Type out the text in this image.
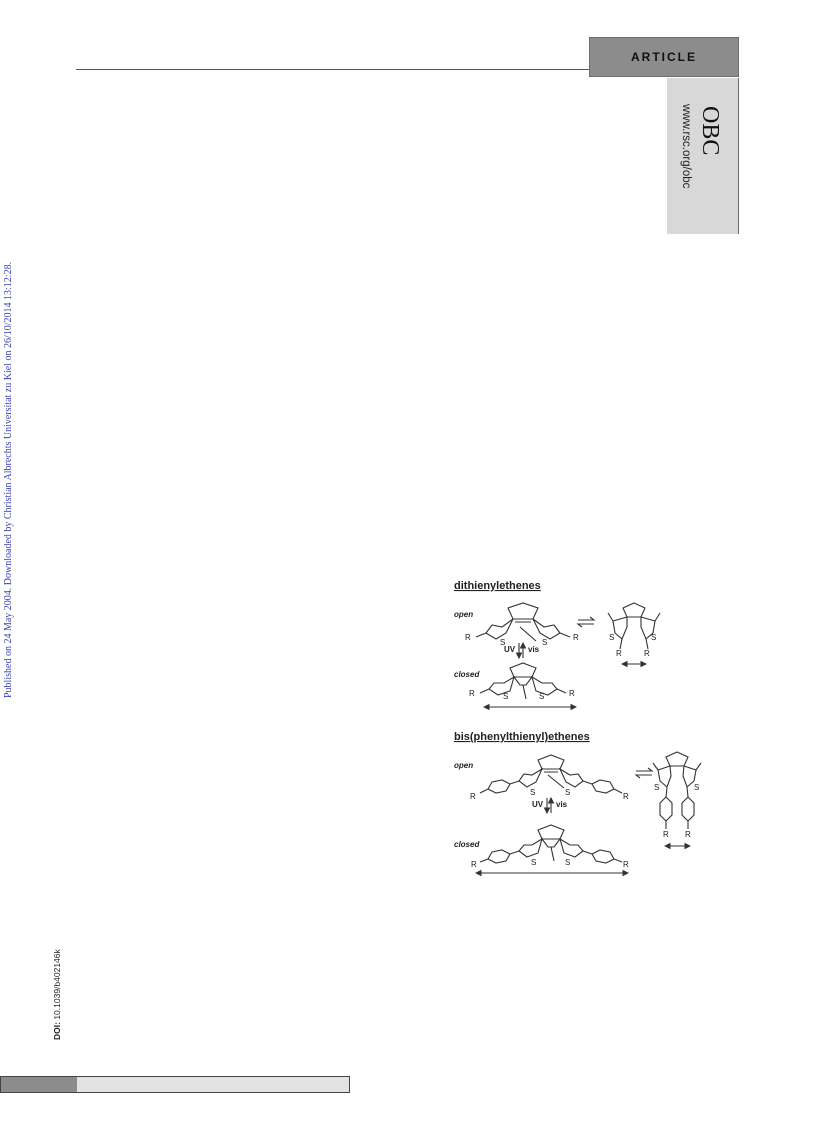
ARTICLE
OBC
www.rsc.org/obc
Published on 24 May 2004. Downloaded by Christian Albrechts Universitat zu Kiel on 26/10/2014 13:12:28.
DOI: 10.1039/b402146k
dithienylethenes
open
R
S	S
R	S	S
R	R
UV vis
closed
R	S	S	R
bis(phenylthienyl)ethenes
open
R	S	S	R
S	S
R R
UV vis
closed
R	S	S	R
